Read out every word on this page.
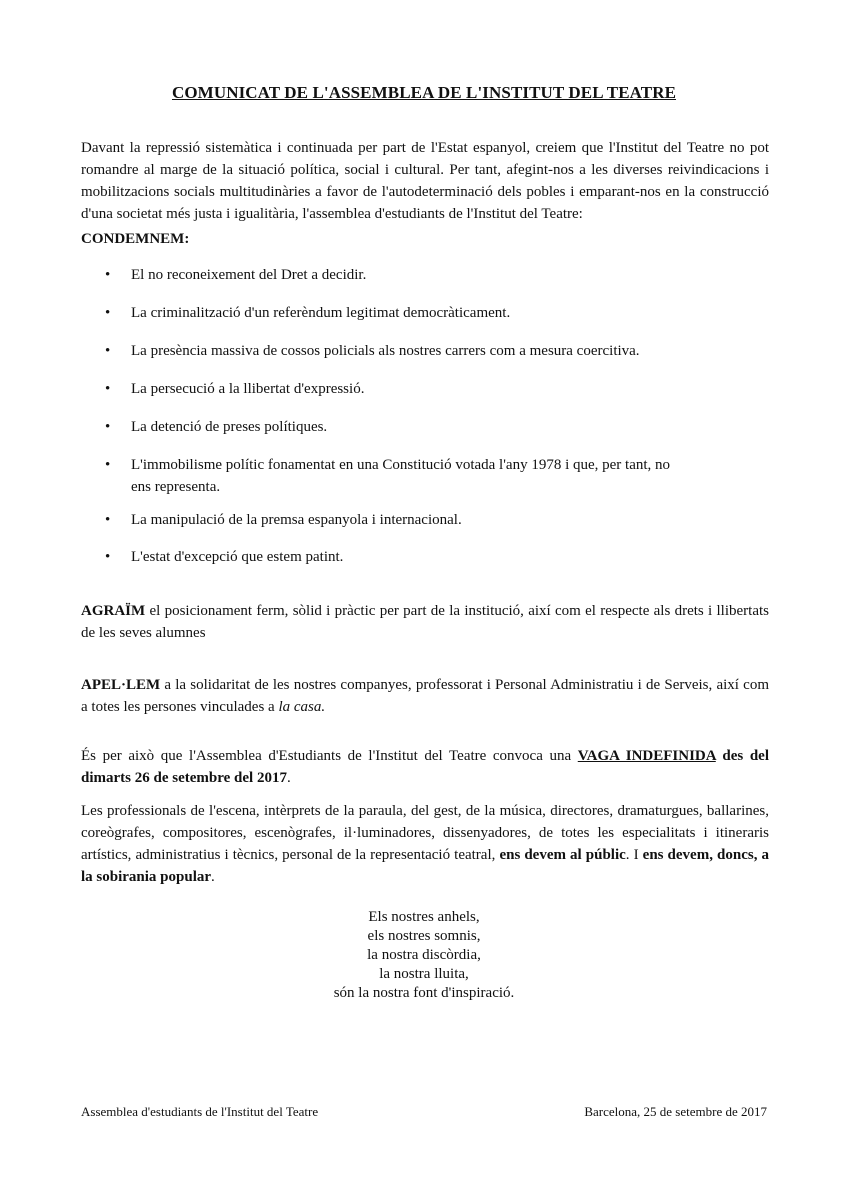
COMUNICAT DE L'ASSEMBLEA DE L'INSTITUT DEL TEATRE

Davant la repressió sistemàtica i continuada per part de l'Estat espanyol, creiem que l'Institut del Teatre no pot romandre al marge de la situació política, social i cultural. Per tant, afegint-nos a les diverses reivindicacions i mobilitzacions socials multitudinàries a favor de l'autodeterminació dels pobles i emparant-nos en la construcció d'una societat més justa i igualitària, l'assemblea d'estudiants de l'Institut del Teatre:

CONDEMNEM:

•	El no reconeixement del Dret a decidir.
•	La criminalització d'un referèndum legitimat democràticament.
•	La presència massiva de cossos policials als nostres carrers com a mesura coercitiva.
•	La persecució a la llibertat d'expressió.
•	La detenció de preses polítiques.
•	L'immobilisme polític fonamentat en una Constitució votada l'any 1978 i que, per tant, no ens representa.
•	La manipulació de la premsa espanyola i internacional.
•	L'estat d'excepció que estem patint.

AGRAÏM el posicionament ferm, sòlid i pràctic per part de la institució, així com el respecte als drets i llibertats de les seves alumnes

APEL·LEM a la solidaritat de les nostres companyes, professorat i Personal Administratiu i de Serveis, així com a totes les persones vinculades a la casa.

És per això que l'Assemblea d'Estudiants de l'Institut del Teatre convoca una VAGA INDEFINIDA des del dimarts 26 de setembre del 2017.

Les professionals de l'escena, intèrprets de la paraula, del gest, de la música, directores, dramaturgues, ballarines, coreògrafes, compositores, escenògrafes, il·luminadores, dissenyadores, de totes les especialitats i itineraris artístics, administratius i tècnics, personal de la representació teatral, ens devem al públic. I ens devem, doncs, a la sobirania popular.

Els nostres anhels,
els nostres somnis,
la nostra discòrdia,
la nostra lluita,
són la nostra font d'inspiració.

Assemblea d'estudiants de l'Institut del Teatre	Barcelona, 25 de setembre de 2017
